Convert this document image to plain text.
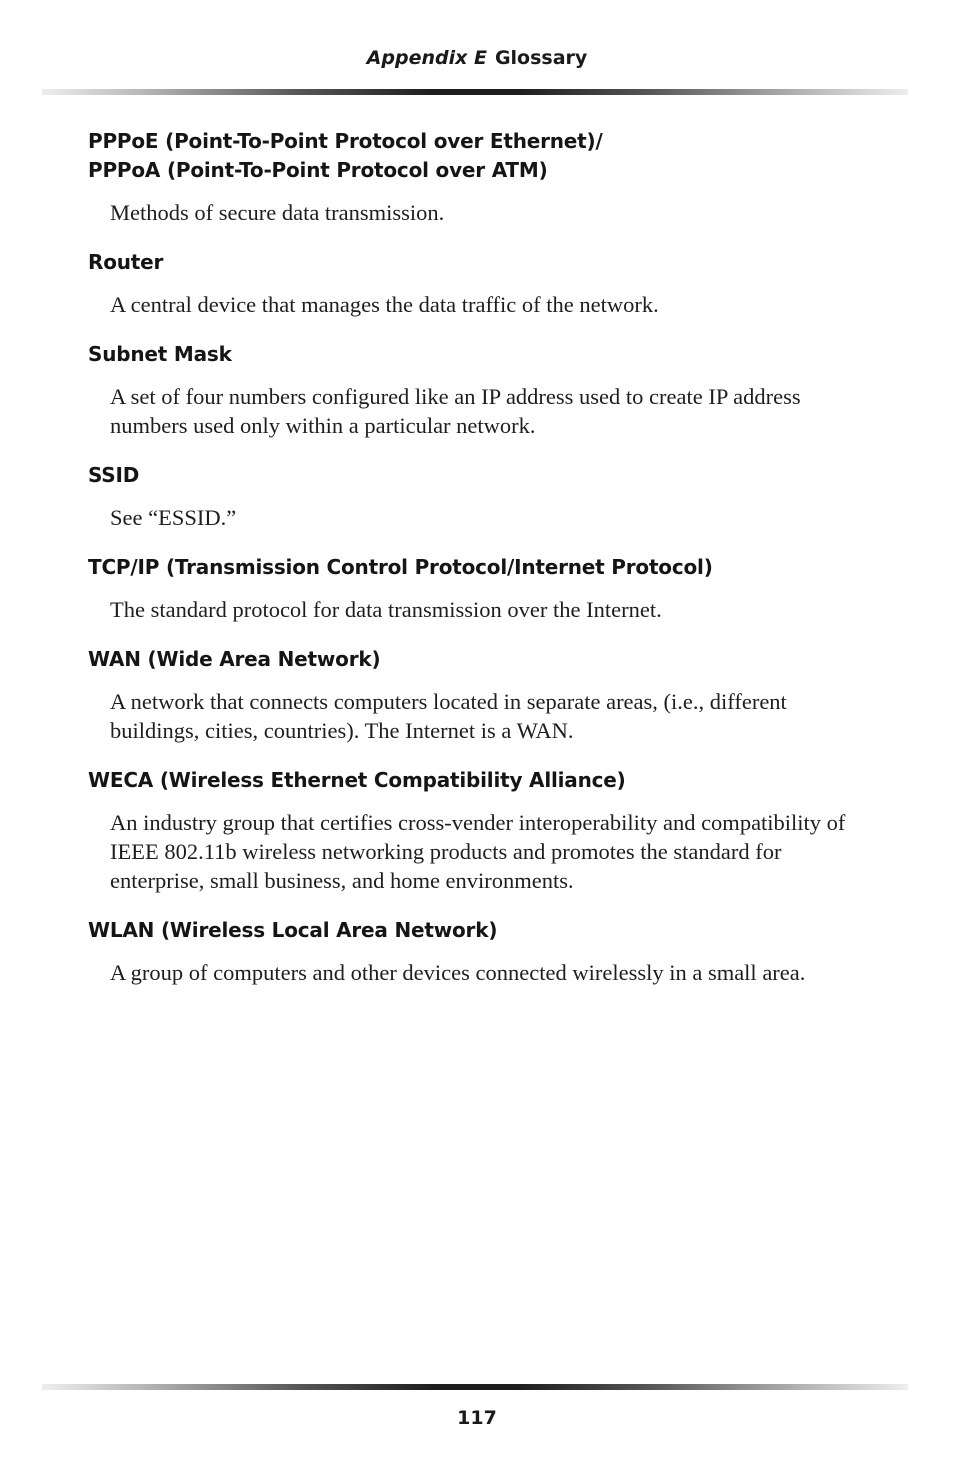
Appendix E Glossary

PPPoE (Point-To-Point Protocol over Ethernet)/
PPPoA (Point-To-Point Protocol over ATM)

Methods of secure data transmission.

Router

A central device that manages the data traffic of the network.

Subnet Mask

A set of four numbers configured like an IP address used to create IP address numbers used only within a particular network.

SSID

See “ESSID.”

TCP/IP (Transmission Control Protocol/Internet Protocol)

The standard protocol for data transmission over the Internet.

WAN (Wide Area Network)

A network that connects computers located in separate areas, (i.e., different buildings, cities, countries). The Internet is a WAN.

WECA (Wireless Ethernet Compatibility Alliance)

An industry group that certifies cross-vender interoperability and compatibility of IEEE 802.11b wireless networking products and promotes the standard for enterprise, small business, and home environments.

WLAN (Wireless Local Area Network)

A group of computers and other devices connected wirelessly in a small area.

117
